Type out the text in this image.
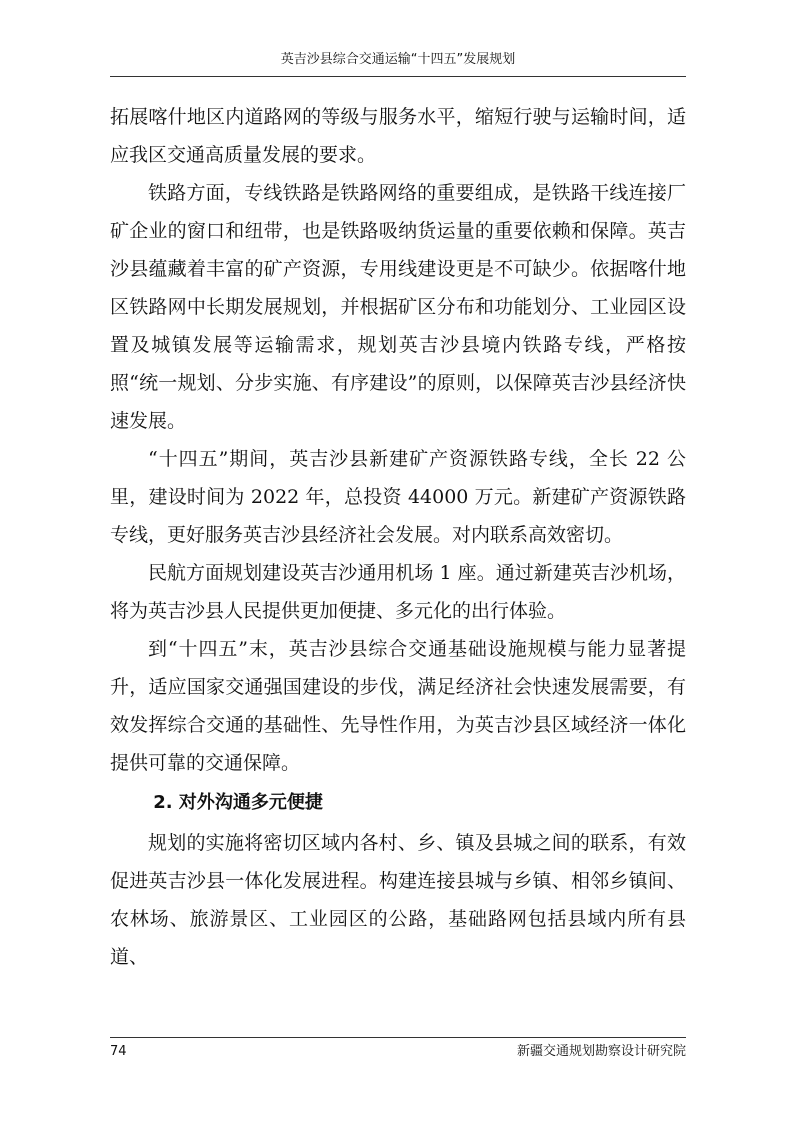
英吉沙县综合交通运输“十四五”发展规划

拓展喀什地区内道路网的等级与服务水平，缩短行驶与运输时间，适应我区交通高质量发展的要求。

铁路方面，专线铁路是铁路网络的重要组成，是铁路干线连接厂矿企业的窗口和纽带，也是铁路吸纳货运量的重要依赖和保障。英吉沙县蕴藏着丰富的矿产资源，专用线建设更是不可缺少。依据喀什地区铁路网中长期发展规划，并根据矿区分布和功能划分、工业园区设置及城镇发展等运输需求，规划英吉沙县境内铁路专线，严格按照“统一规划、分步实施、有序建设”的原则，以保障英吉沙县经济快速发展。

“十四五”期间，英吉沙县新建矿产资源铁路专线，全长 22 公里，建设时间为 2022 年，总投资 44000 万元。新建矿产资源铁路专线，更好服务英吉沙县经济社会发展。对内联系高效密切。

民航方面规划建设英吉沙通用机场 1 座。通过新建英吉沙机场，将为英吉沙县人民提供更加便捷、多元化的出行体验。

到“十四五”末，英吉沙县综合交通基础设施规模与能力显著提升，适应国家交通强国建设的步伐，满足经济社会快速发展需要，有效发挥综合交通的基础性、先导性作用，为英吉沙县区域经济一体化提供可靠的交通保障。

2. 对外沟通多元便捷

规划的实施将密切区域内各村、乡、镇及县城之间的联系，有效促进英吉沙县一体化发展进程。构建连接县城与乡镇、相邻乡镇间、农林场、旅游景区、工业园区的公路，基础路网包括县域内所有县道、

74	新疆交通规划勘察设计研究院
